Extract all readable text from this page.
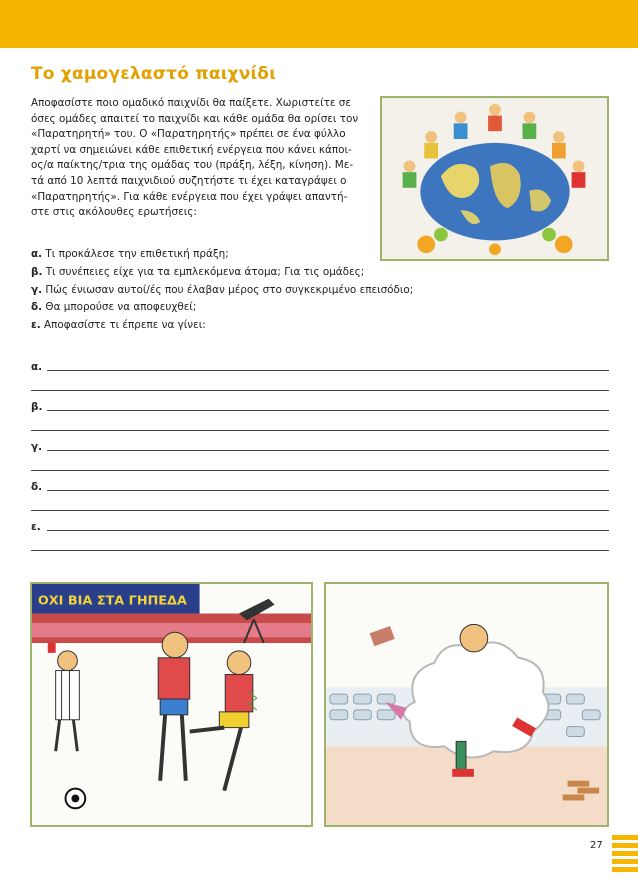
Το χαμογελαστό παιχνίδι

Αποφασίστε ποιο ομαδικό παιχνίδι θα παίξετε. Χωριστείτε σε

όσες ομάδες απαιτεί το παιχνίδι και κάθε ομάδα θα ορίσει τον

«Παρατηρητή» του. Ο «Παρατηρητής» πρέπει σε ένα φύλλο

χαρτί να σημειώνει κάθε επιθετική ενέργεια που κάνει κάποι-

ος/α παίκτης/τρια της ομάδας του (πράξη, λέξη, κίνηση). Με-

τά από 10 λεπτά παιχνιδιού συζητήστε τι έχει καταγράψει ο

«Παρατηρητής». Για κάθε ενέργεια που έχει γράψει απαντή-

στε στις ακόλουθες ερωτήσεις:

α. Τι προκάλεσε την επιθετική πράξη;
β. Τι συνέπειες είχε για τα εμπλεκόμενα άτομα; Για τις ομάδες;
γ. Πώς ένιωσαν αυτοί/ές που έλαβαν μέρος στο συγκεκριμένο επεισόδιο;
δ. Θα μπορούσε να αποφευχθεί;
ε. Αποφασίστε τι έπρεπε να γίνει:
α.
β.
γ.
δ.
ε.
ΟΧΙ ΒΙΑ ΣΤΑ ΓΗΠΕΔΑ
27
